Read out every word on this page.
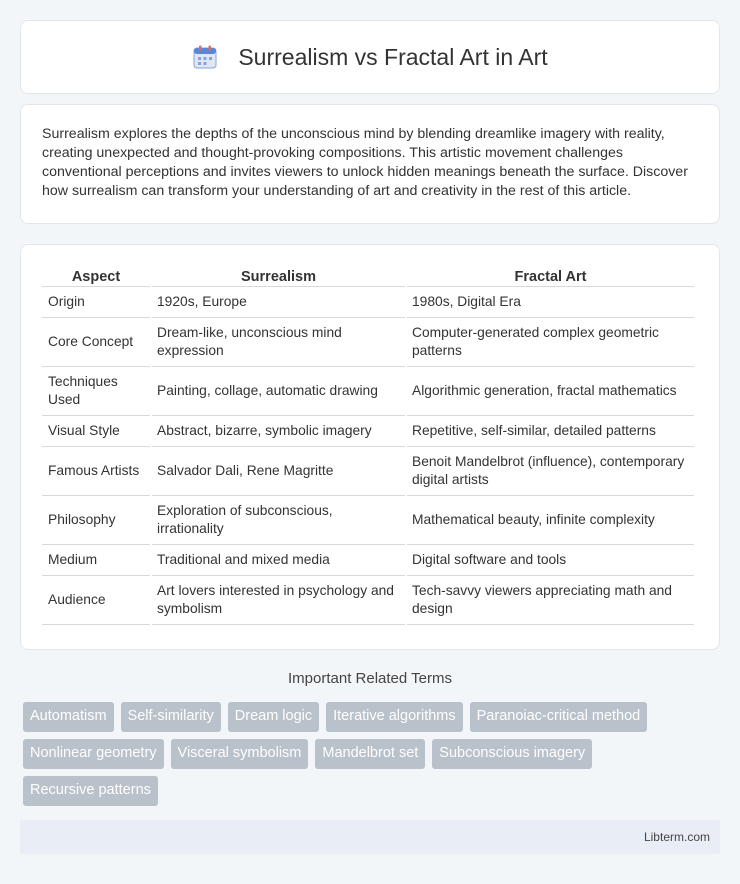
Surrealism vs Fractal Art in Art

Surrealism explores the depths of the unconscious mind by blending dreamlike imagery with reality, creating unexpected and thought-provoking compositions. This artistic movement challenges conventional perceptions and invites viewers to unlock hidden meanings beneath the surface. Discover how surrealism can transform your understanding of art and creativity in the rest of this article.

Aspect	Surrealism	Fractal Art
Origin	1920s, Europe	1980s, Digital Era
Core Concept	Dream-like, unconscious mind expression	Computer-generated complex geometric patterns
Techniques Used	Painting, collage, automatic drawing	Algorithmic generation, fractal mathematics
Visual Style	Abstract, bizarre, symbolic imagery	Repetitive, self-similar, detailed patterns
Famous Artists	Salvador Dali, Rene Magritte	Benoit Mandelbrot (influence), contemporary digital artists
Philosophy	Exploration of subconscious, irrationality	Mathematical beauty, infinite complexity
Medium	Traditional and mixed media	Digital software and tools
Audience	Art lovers interested in psychology and symbolism	Tech-savvy viewers appreciating math and design
Important Related Terms
Automatism	Self-similarity	Dream logic	Iterative algorithms	Paranoiac-critical method
Nonlinear geometry	Visceral symbolism	Mandelbrot set	Subconscious imagery
Recursive patterns
Libterm.com
